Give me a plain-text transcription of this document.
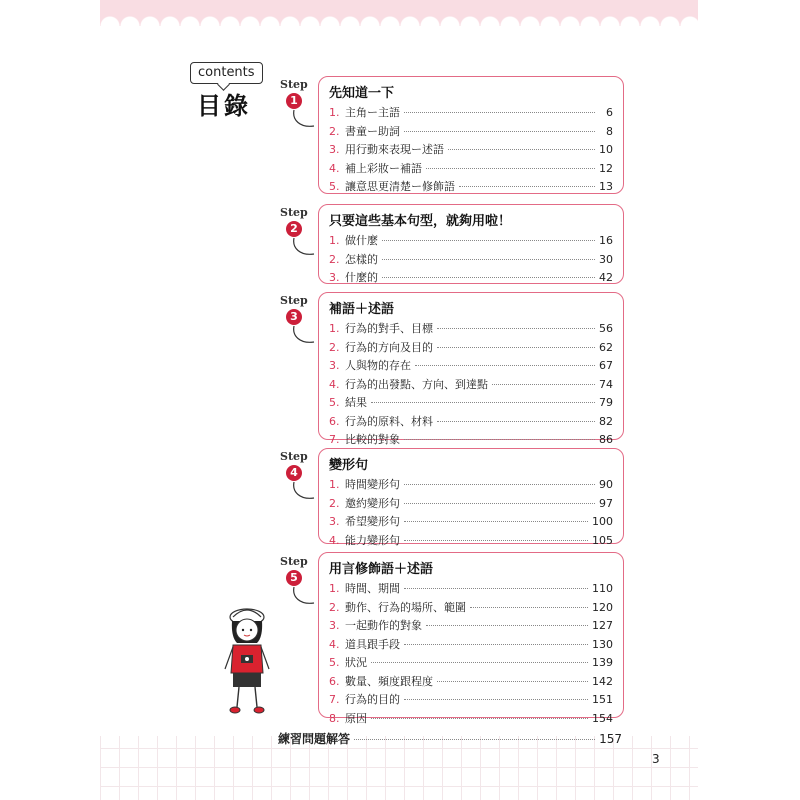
contents
目錄
Step
1
Step
2
Step
3
Step
4
Step
5
先知道一下
1. 主角ー主語	6
2. 書童ー助詞	8
3. 用行動來表現ー述語	10
4. 補上彩妝ー補語	12
5. 讓意思更清楚ー修飾語	13
只要這些基本句型，就夠用啦！
1. 做什麼	16
2. 怎樣的	30
3. 什麼的	42
補語＋述語
1. 行為的對手、目標	56
2. 行為的方向及目的	62
3. 人與物的存在	67
4. 行為的出發點、方向、到達點	74
5. 結果	79
6. 行為的原料、材料	82
7. 比較的對象	86
變形句
1. 時間變形句	90
2. 邀約變形句	97
3. 希望變形句	100
4. 能力變形句	105
用言修飾語＋述語
1. 時間、期間	110
2. 動作、行為的場所、範圍	120
3. 一起動作的對象	127
4. 道具跟手段	130
5. 狀況	139
6. 數量、頻度跟程度	142
7. 行為的目的	151
8. 原因	154
練習問題解答	157
3
